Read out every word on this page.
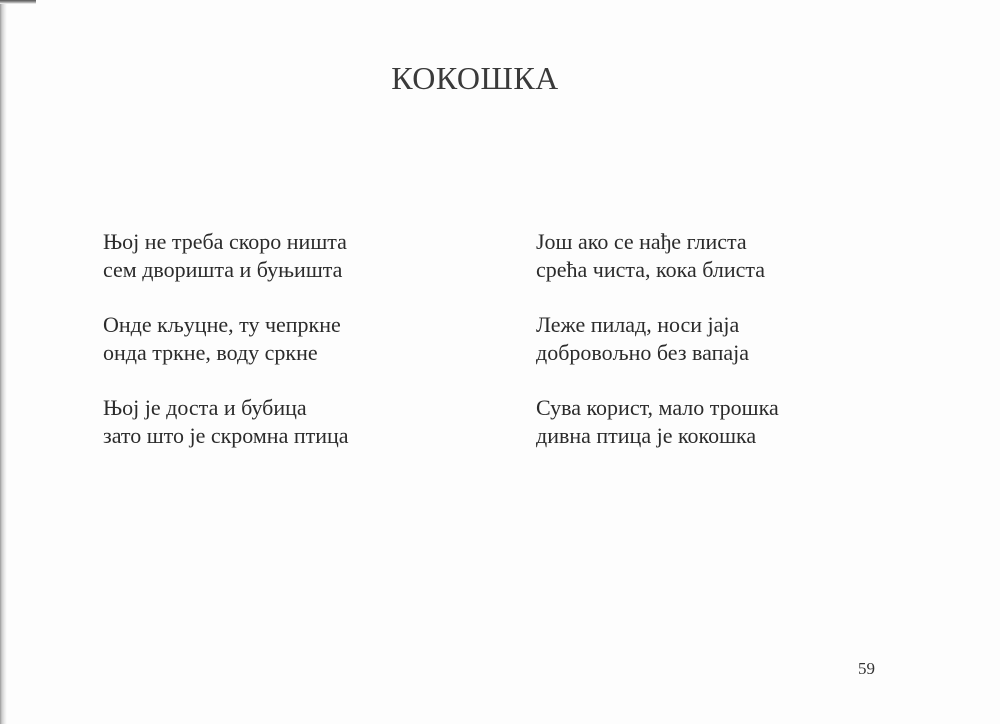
КОКОШКА
Њој не треба скоро ништа
сем дворишта и буњишта
Онде кљуцне, ту чепркне
онда тркне, воду сркне
Њој је доста и бубица
зато што је скромна птица
Још ако се нађе глиста
срећа чиста, кока блиста
Леже пилад, носи јаја
добровољно без вапаја
Сува корист, мало трошка
дивна птица је кокошка
59
